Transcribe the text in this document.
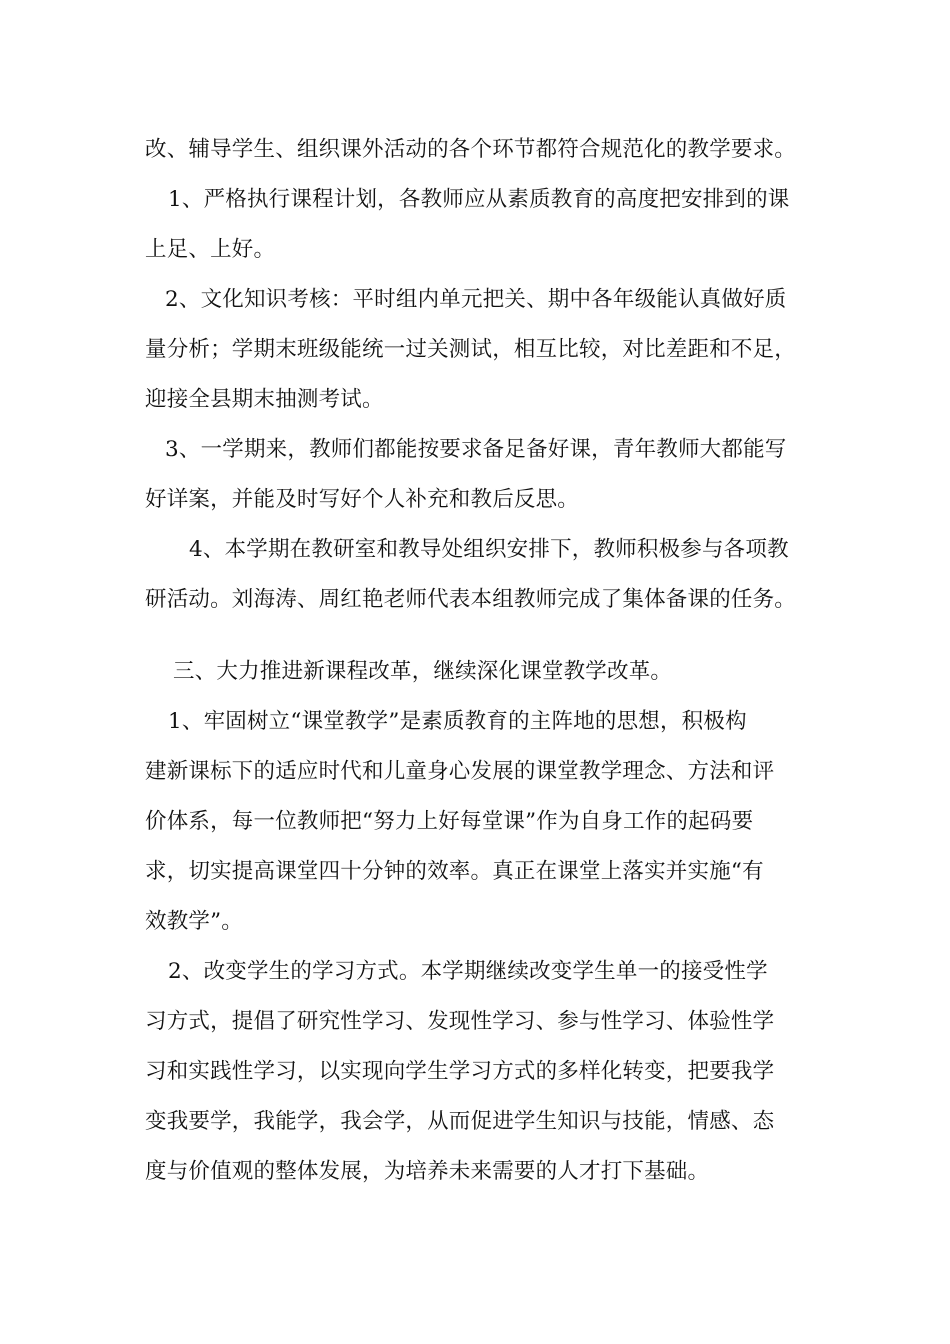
改、辅导学生、组织课外活动的各个环节都符合规范化的教学要求。
1、严格执行课程计划，各教师应从素质教育的高度把安排到的课
上足、上好。
2、文化知识考核：平时组内单元把关、期中各年级能认真做好质
量分析；学期末班级能统一过关测试，相互比较，对比差距和不足，
迎接全县期末抽测考试。
3、一学期来，教师们都能按要求备足备好课，青年教师大都能写
好详案，并能及时写好个人补充和教后反思。
4、本学期在教研室和教导处组织安排下，教师积极参与各项教
研活动。刘海涛、周红艳老师代表本组教师完成了集体备课的任务。
三、大力推进新课程改革，继续深化课堂教学改革。
1、牢固树立“课堂教学”是素质教育的主阵地的思想，积极构
建新课标下的适应时代和儿童身心发展的课堂教学理念、方法和评
价体系，每一位教师把“努力上好每堂课”作为自身工作的起码要
求，切实提高课堂四十分钟的效率。真正在课堂上落实并实施“有
效教学”。
2、改变学生的学习方式。本学期继续改变学生单一的接受性学
习方式，提倡了研究性学习、发现性学习、参与性学习、体验性学
习和实践性学习，以实现向学生学习方式的多样化转变，把要我学
变我要学，我能学，我会学，从而促进学生知识与技能，情感、态
度与价值观的整体发展，为培养未来需要的人才打下基础。
